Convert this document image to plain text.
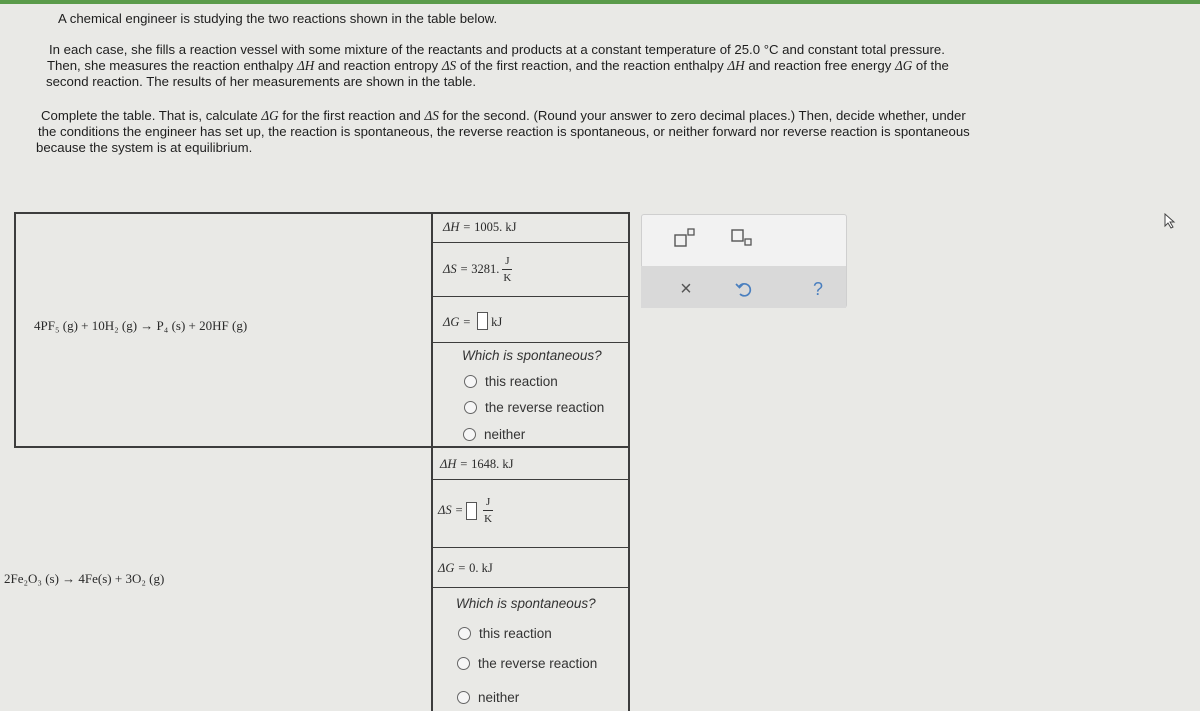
A chemical engineer is studying the two reactions shown in the table below.

In each case, she fills a reaction vessel with some mixture of the reactants and products at a constant temperature of 25.0 °C and constant total pressure.

Then, she measures the reaction enthalpy ΔH and reaction entropy ΔS of the first reaction, and the reaction enthalpy ΔH and reaction free energy ΔG of the

second reaction. The results of her measurements are shown in the table.

Complete the table. That is, calculate ΔG for the first reaction and ΔS for the second. (Round your answer to zero decimal places.) Then, decide whether, under

the conditions the engineer has set up, the reaction is spontaneous, the reverse reaction is spontaneous, or neither forward nor reverse reaction is spontaneous

because the system is at equilibrium.

4PF₅ (g) + 10H₂ (g) → P₄ (s) + 20HF (g)
ΔH = 1005. kJ
ΔS =
3281. $\frac{J}{K}$
ΔG = kJ
Which is spontaneous?
this reaction
the reverse reaction
neither
2Fe₂O₃ (s) → 4Fe(s) + 3O₂ (g)
ΔH = 1648. kJ
$\Delta S = \frac{J}{K}$
ΔG = 0. kJ
Which is spontaneous?
this reaction
the reverse reaction
neither
×	?
